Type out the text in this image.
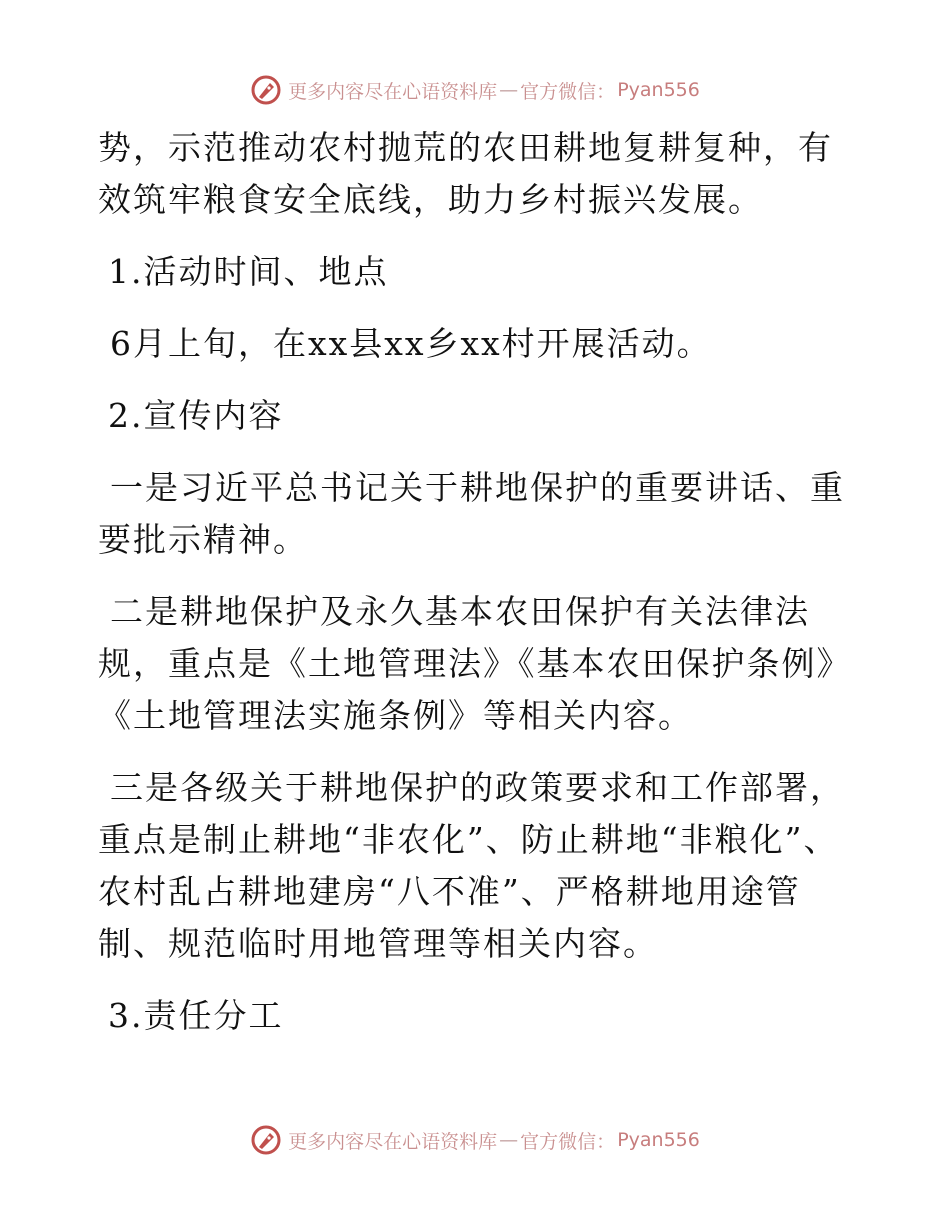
更多内容尽在心语资料库 — 官方微信： Pyan556

势，示范推动农村抛荒的农田耕地复耕复种，有效筑牢粮食安全底线，助力乡村振兴发展。

1.活动时间、地点

6月上旬，在xx县xx乡xx村开展活动。

2.宣传内容

一是习近平总书记关于耕地保护的重要讲话、重要批示精神。

二是耕地保护及永久基本农田保护有关法律法规，重点是《土地管理法》《基本农田保护条例》《土地管理法实施条例》等相关内容。

三是各级关于耕地保护的政策要求和工作部署，重点是制止耕地“非农化”、防止耕地“非粮化”、农村乱占耕地建房“八不准”、严格耕地用途管制、规范临时用地管理等相关内容。

3.责任分工

更多内容尽在心语资料库 — 官方微信： Pyan556
